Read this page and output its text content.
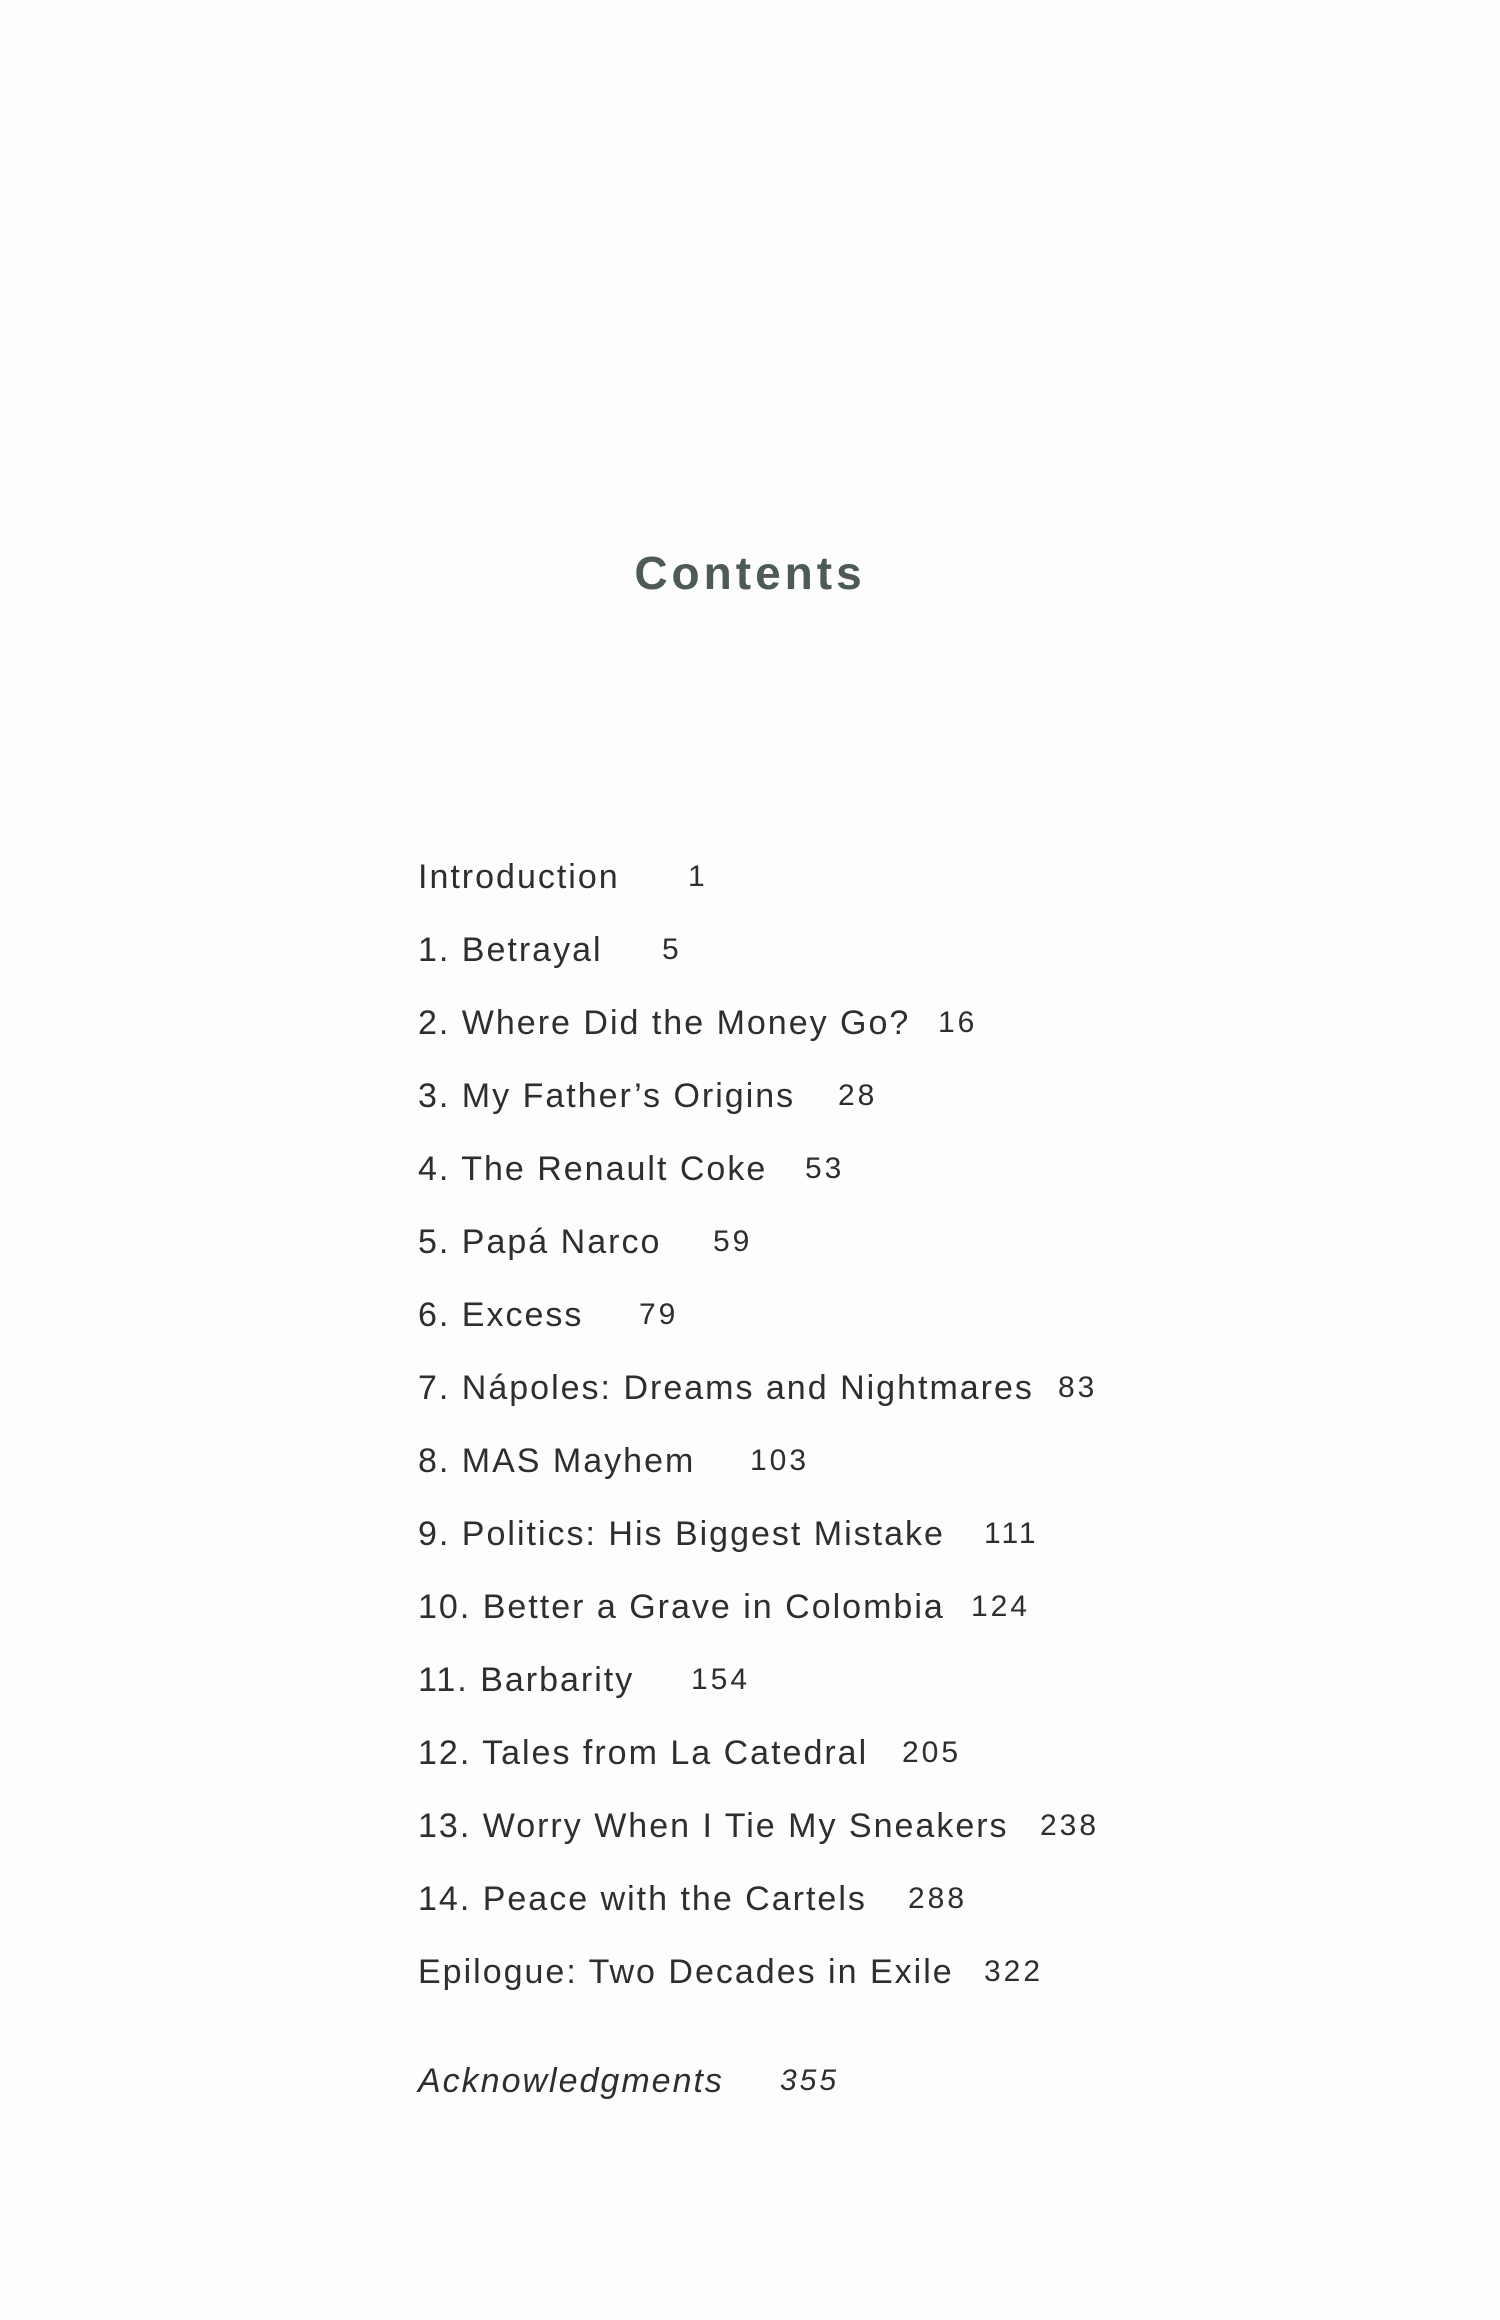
Contents
Introduction 1
1. Betrayal 5
2. Where Did the Money Go? 16
3. My Father’s Origins 28
4. The Renault Coke 53
5. Papá Narco 59
6. Excess 79
7. Nápoles: Dreams and Nightmares 83
8. MAS Mayhem 103
9. Politics: His Biggest Mistake 111
10. Better a Grave in Colombia 124
11. Barbarity 154
12. Tales from La Catedral 205
13. Worry When I Tie My Sneakers 238
14. Peace with the Cartels 288
Epilogue: Two Decades in Exile 322
Acknowledgments 355
